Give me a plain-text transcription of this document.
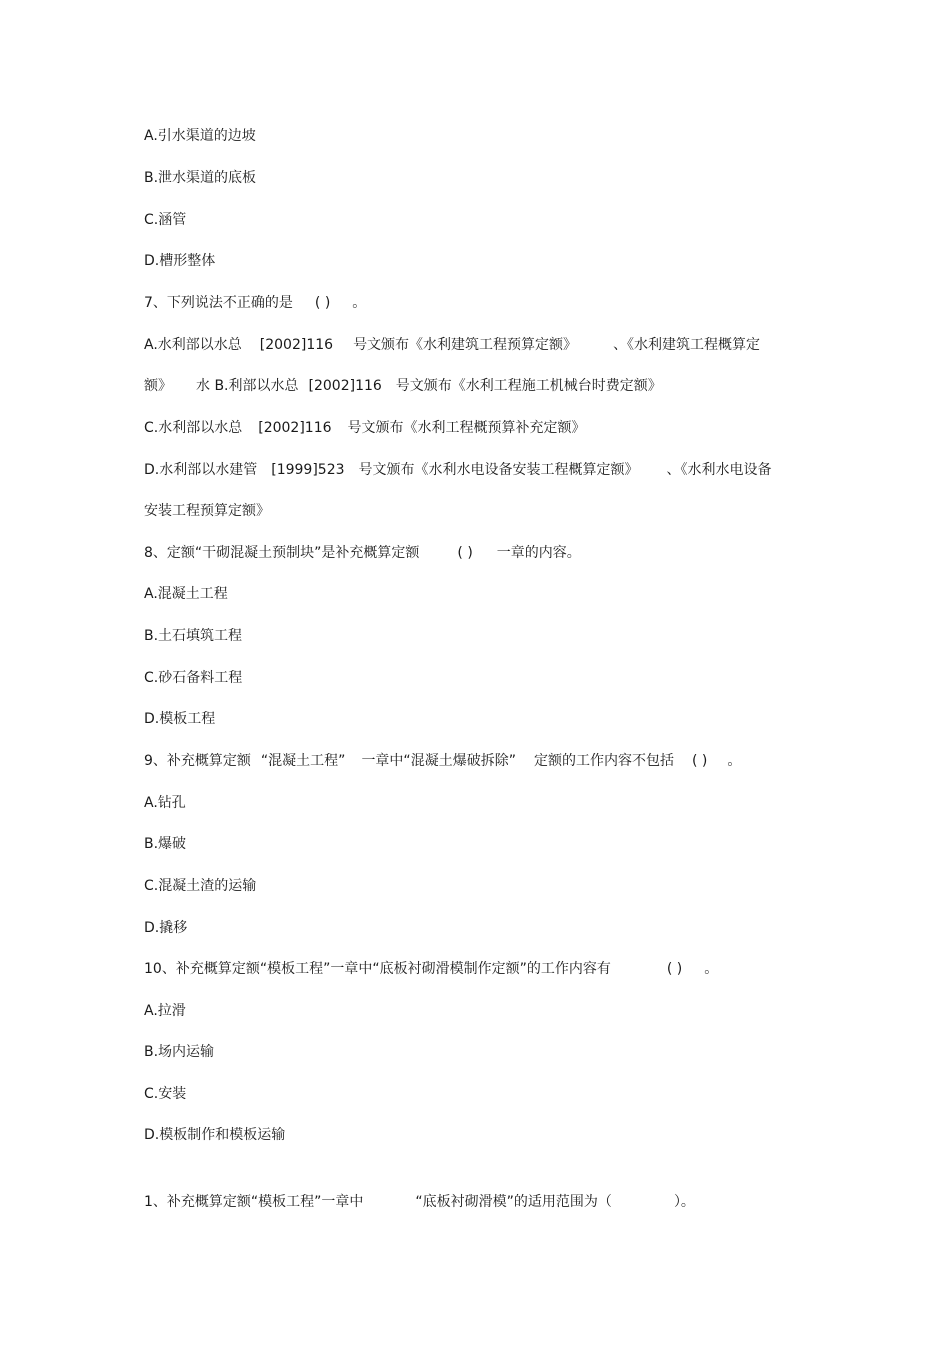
A.引水渠道的边坡
B.泄水渠道的底板
C.涵管
D.槽形整体
7、下列说法不正确的是 ( ) 。
A.水利部以水总 [2002]116 号文颁布《水利建筑工程预算定额》	、《水利建筑工程概算定
额》 水 B.利部以水总 [2002]116 号文颁布《水利工程施工机械台时费定额》
C.水利部以水总 [2002]116 号文颁布《水利工程概预算补充定额》
D.水利部以水建管 [1999]523 号文颁布《水利水电设备安装工程概算定额》 、《水利水电设备
安装工程预算定额》
8、定额“干砌混凝土预制块”是补充概算定额	( ) 一章的内容。
A.混凝土工程
B.土石填筑工程
C.砂石备料工程
D.模板工程
9、补充概算定额 “混凝土工程” 一章中“混凝土爆破拆除” 定额的工作内容不包括 ( ) 。
A.钻孔
B.爆破
C.混凝土渣的运输
D.撬移
10、补充概算定额“模板工程”一章中“底板衬砌滑模制作定额”的工作内容有	( ) 。
A.拉滑
B.场内运输
C.安装
D.模板制作和模板运输
1、补充概算定额“模板工程”一章中	“底板衬砌滑模”的适用范围为（	）。
